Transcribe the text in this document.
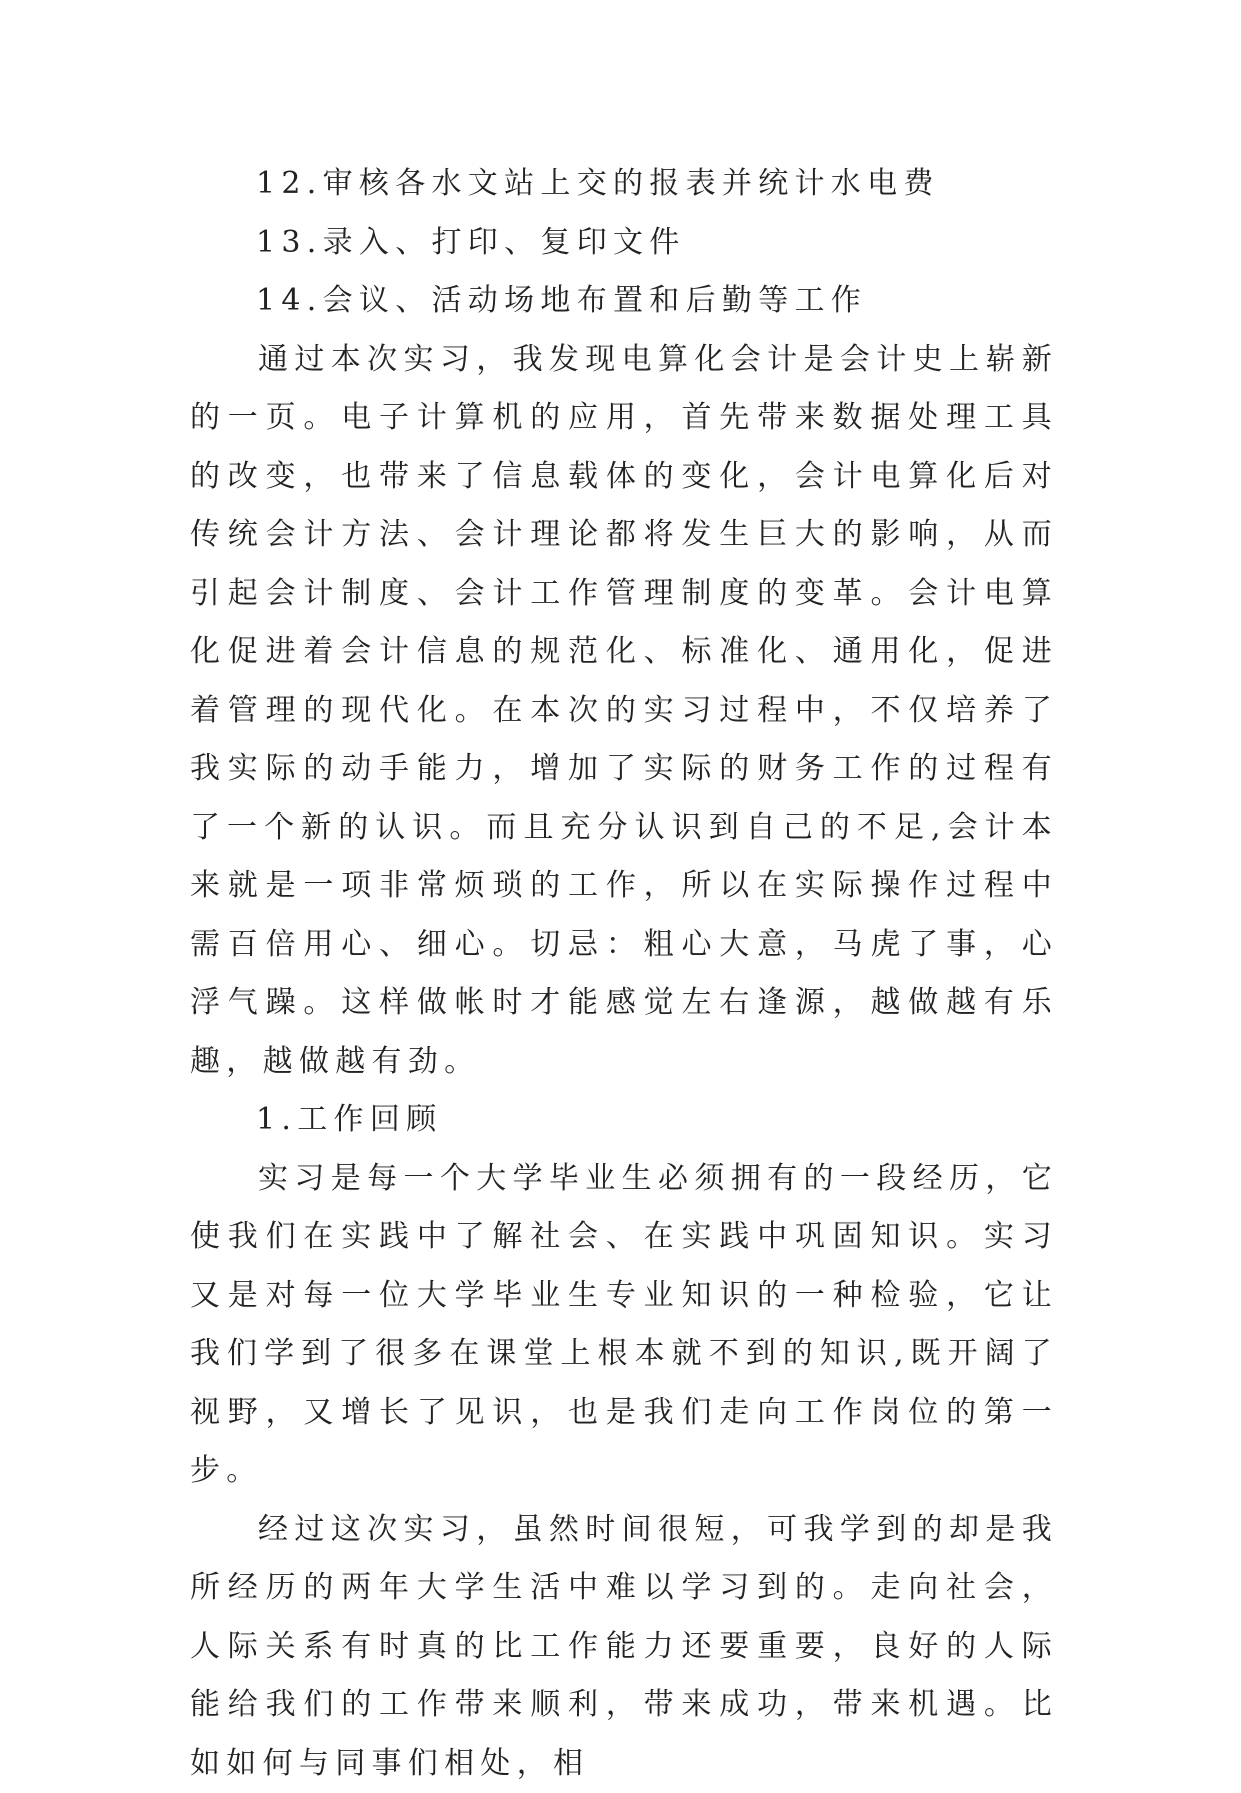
12.审核各水文站上交的报表并统计水电费

13.录入、打印、复印文件

14.会议、活动场地布置和后勤等工作

通过本次实习，我发现电算化会计是会计史上崭新的一页。电子计算机的应用，首先带来数据处理工具的改变，也带来了信息载体的变化，会计电算化后对传统会计方法、会计理论都将发生巨大的影响，从而引起会计制度、会计工作管理制度的变革。会计电算化促进着会计信息的规范化、标准化、通用化，促进着管理的现代化。在本次的实习过程中，不仅培养了我实际的动手能力，增加了实际的财务工作的过程有了一个新的认识。而且充分认识到自己的不足,会计本来就是一项非常烦琐的工作，所以在实际操作过程中需百倍用心、细心。切忌：粗心大意，马虎了事，心浮气躁。这样做帐时才能感觉左右逢源，越做越有乐趣，越做越有劲。

1.工作回顾

实习是每一个大学毕业生必须拥有的一段经历，它使我们在实践中了解社会、在实践中巩固知识。实习又是对每一位大学毕业生专业知识的一种检验，它让我们学到了很多在课堂上根本就不到的知识,既开阔了视野，又增长了见识，也是我们走向工作岗位的第一步。

经过这次实习，虽然时间很短，可我学到的却是我所经历的两年大学生活中难以学习到的。走向社会，人际关系有时真的比工作能力还要重要，良好的人际能给我们的工作带来顺利，带来成功，带来机遇。比如如何与同事们相处，相
